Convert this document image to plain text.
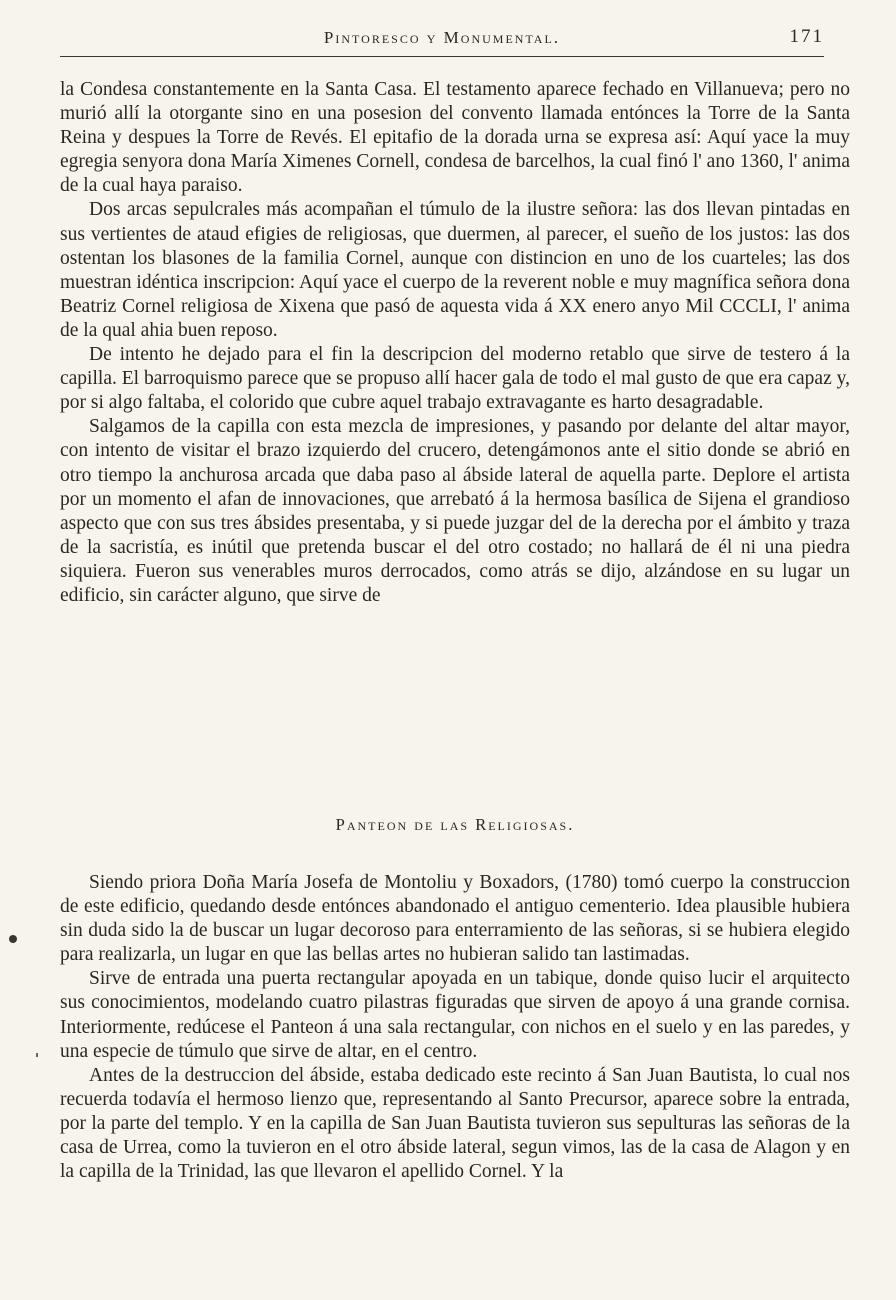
Pintoresco y Monumental.	171

la Condesa constantemente en la Santa Casa. El testamento aparece fechado en Villanueva; pero no murió allí la otorgante sino en una posesion del convento llamada entónces la Torre de la Santa Reina y despues la Torre de Revés. El epitafio de la dorada urna se expresa así: Aquí yace la muy egregia senyora dona María Ximenes Cornell, condesa de barcelhos, la cual finó l' ano 1360, l' anima de la cual haya paraiso.

Dos arcas sepulcrales más acompañan el túmulo de la ilustre señora: las dos llevan pintadas en sus vertientes de ataud efigies de religiosas, que duermen, al parecer, el sueño de los justos: las dos ostentan los blasones de la familia Cornel, aunque con distincion en uno de los cuarteles; las dos muestran idéntica inscripcion: Aquí yace el cuerpo de la reverent noble e muy magnífica señora dona Beatriz Cornel religiosa de Xixena que pasó de aquesta vida á XX enero anyo Mil CCCLI, l' anima de la qual ahia buen reposo.

De intento he dejado para el fin la descripcion del moderno retablo que sirve de testero á la capilla. El barroquismo parece que se propuso allí hacer gala de todo el mal gusto de que era capaz y, por si algo faltaba, el colorido que cubre aquel trabajo extravagante es harto desagradable.

Salgamos de la capilla con esta mezcla de impresiones, y pasando por delante del altar mayor, con intento de visitar el brazo izquierdo del crucero, detengámonos ante el sitio donde se abrió en otro tiempo la anchurosa arcada que daba paso al ábside lateral de aquella parte. Deplore el artista por un momento el afan de innovaciones, que arrebató á la hermosa basílica de Sijena el grandioso aspecto que con sus tres ábsides presentaba, y si puede juzgar del de la derecha por el ámbito y traza de la sacristía, es inútil que pretenda buscar el del otro costado; no hallará de él ni una piedra siquiera. Fueron sus venerables muros derrocados, como atrás se dijo, alzándose en su lugar un edificio, sin carácter alguno, que sirve de

Panteon de las Religiosas.

Siendo priora Doña María Josefa de Montoliu y Boxadors, (1780) tomó cuerpo la construccion de este edificio, quedando desde entónces abandonado el antiguo cementerio. Idea plausible hubiera sin duda sido la de buscar un lugar decoroso para enterramiento de las señoras, si se hubiera elegido para realizarla, un lugar en que las bellas artes no hubieran salido tan lastimadas.

Sirve de entrada una puerta rectangular apoyada en un tabique, donde quiso lucir el arquitecto sus conocimientos, modelando cuatro pilastras figuradas que sirven de apoyo á una grande cornisa. Interiormente, redúcese el Panteon á una sala rectangular, con nichos en el suelo y en las paredes, y una especie de túmulo que sirve de altar, en el centro.

Antes de la destruccion del ábside, estaba dedicado este recinto á San Juan Bautista, lo cual nos recuerda todavía el hermoso lienzo que, representando al Santo Precursor, aparece sobre la entrada, por la parte del templo. Y en la capilla de San Juan Bautista tuvieron sus sepulturas las señoras de la casa de Urrea, como la tuvieron en el otro ábside lateral, segun vimos, las de la casa de Alagon y en la capilla de la Trinidad, las que llevaron el apellido Cornel. Y la
